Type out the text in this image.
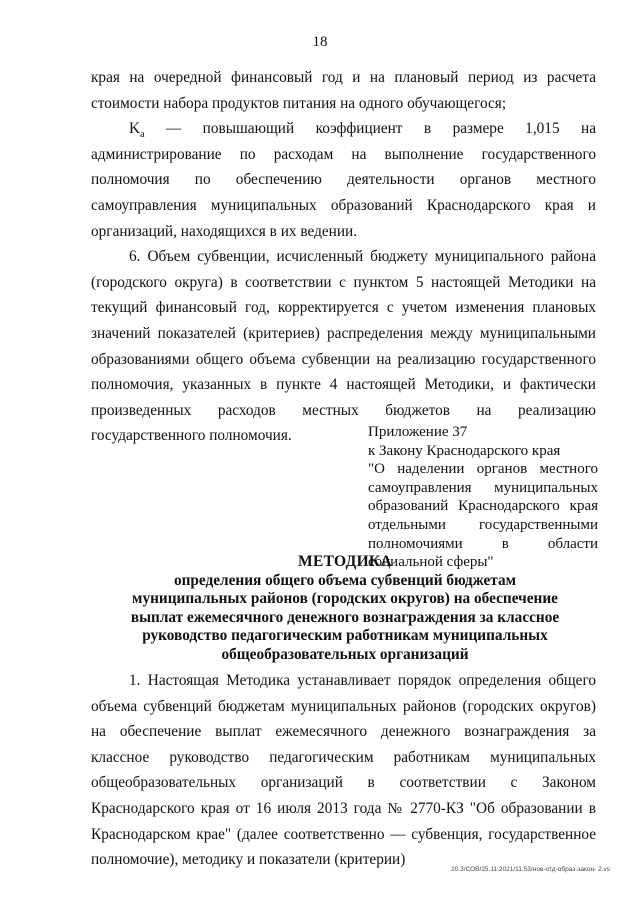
18

края на очередной финансовый год и на плановый период из расчета стоимости набора продуктов питания на одного обучающегося;

$K_a$ — повышающий коэффициент в размере 1,015 на администрирование по расходам на выполнение государственного полномочия по обеспечению деятельности органов местного самоуправления муниципальных образований Краснодарского края и организаций, находящихся в их ведении.

6. Объем субвенции, исчисленный бюджету муниципального района (городского округа) в соответствии с пунктом 5 настоящей Методики на текущий финансовый год, корректируется с учетом изменения плановых значений показателей (критериев) распределения между муниципальными образованиями общего объема субвенции на реализацию государственного полномочия, указанных в пункте 4 настоящей Методики, и фактически произведенных расходов местных бюджетов на реализацию государственного полномочия.	Приложение 37
к Закону Краснодарского края
"О наделении органов местного самоуправления муниципальных образований Краснодарского края отдельными государственными полномочиями в области социальной сферы"
МЕТОДИКА
определения общего объема субвенций бюджетам
муниципальных районов (городских округов) на обеспечение
выплат ежемесячного денежного вознаграждения за классное
руководство педагогическим работникам муниципальных
общеобразовательных организаций

1. Настоящая Методика устанавливает порядок определения общего объема субвенций бюджетам муниципальных районов (городских округов) на обеспечение выплат ежемесячного денежного вознаграждения за классное руководство педагогическим работникам муниципальных общеобразовательных организаций в соответствии с Законом Краснодарского края от 16 июля 2013 года № 2770-КЗ "Об образовании в Краснодарском крае" (далее соответственно — субвенция, государственное полномочие), методику и показатели (критерии)

20.3/СОВ/25.11.2021/11.53/нов-отд-образ-закон- 2.vs
